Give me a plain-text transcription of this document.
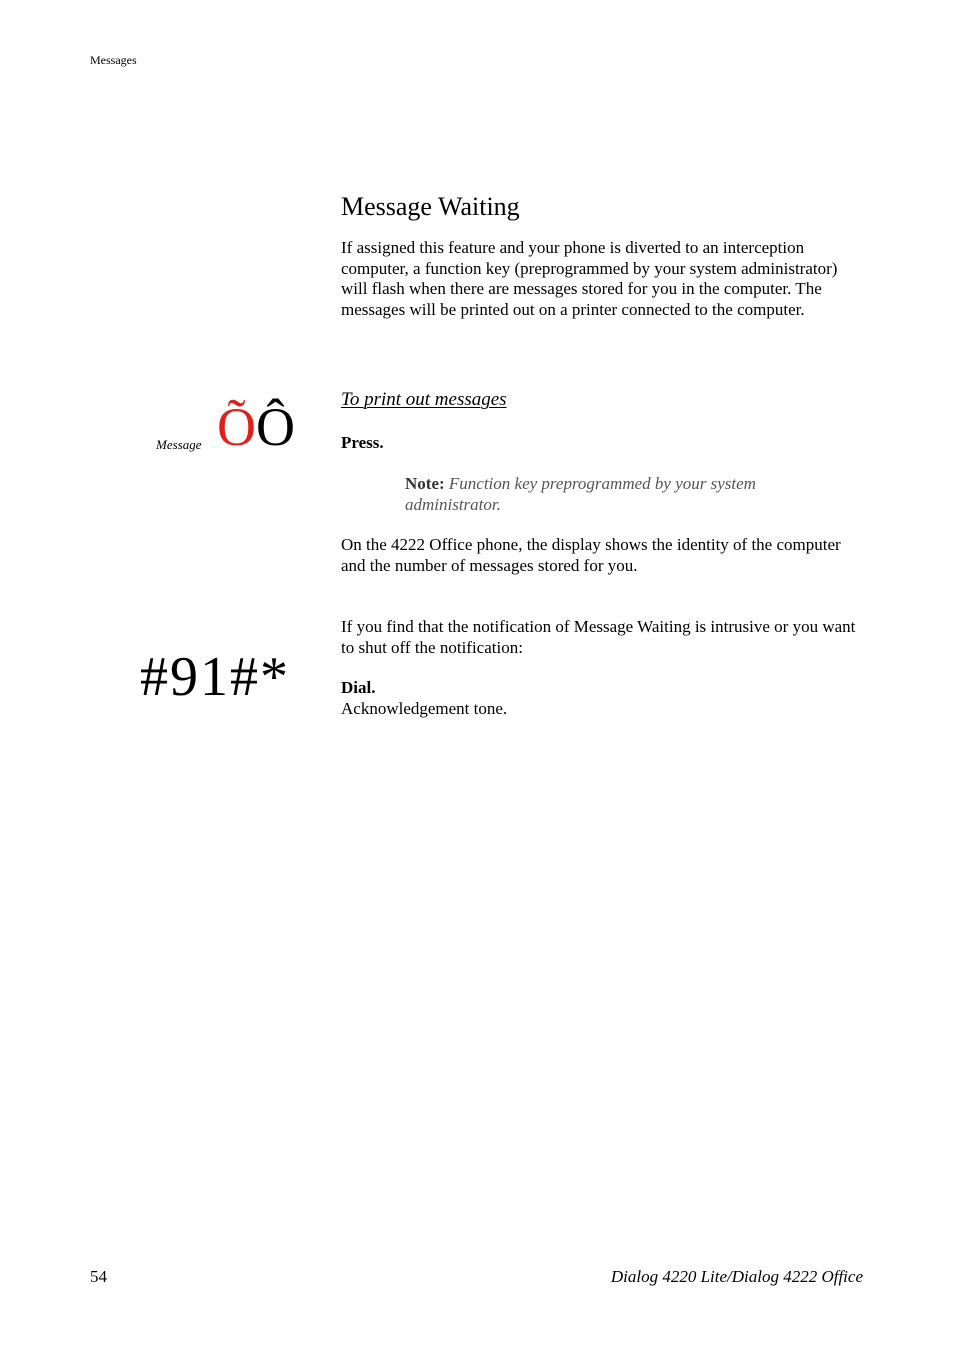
Messages
Message Waiting
If assigned this feature and your phone is diverted to an interception computer, a function key (preprogrammed by your system administrator) will flash when there are messages stored for you in the computer. The messages will be printed out on a printer connected to the computer.
To print out messages
Message ÕÔ	Press.
Note: Function key preprogrammed by your system administrator.
On the 4222 Office phone, the display shows the identity of the computer and the number of messages stored for you.
If you find that the notification of Message Waiting is intrusive or you want to shut off the notification:
#91#*	Dial.
Acknowledgement tone.
54	Dialog 4220 Lite/Dialog 4222 Office
